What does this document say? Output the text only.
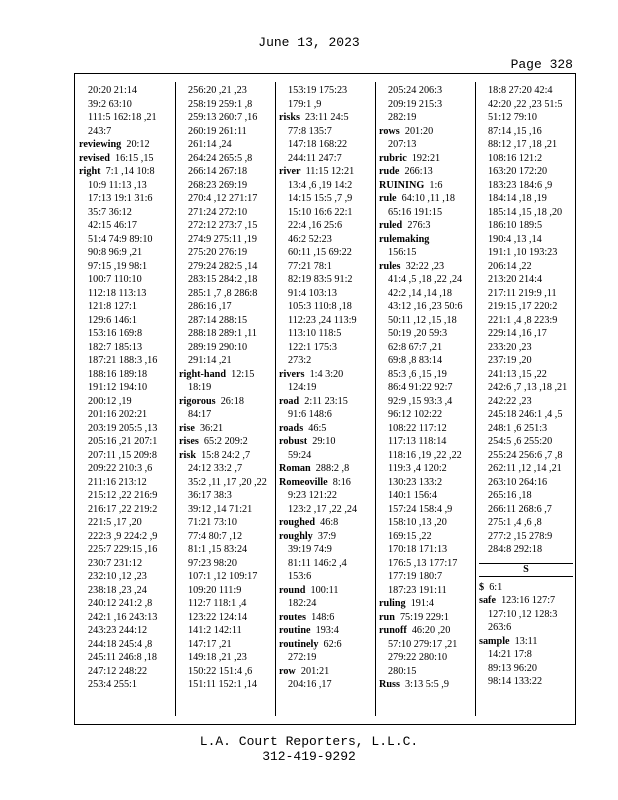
June 13, 2023
Page 328
20:20 21:14
39:2 63:10
111:5 162:18 ,21
243:7
reviewing  20:12
revised  16:15 ,15
right  7:1 ,14 10:8
10:9 11:13 ,13
17:13 19:1 31:6
35:7 36:12
42:15 46:17
51:4 74:9 89:10
90:8 96:9 ,21
97:15 ,19 98:1
100:7 110:10
112:18 113:13
121:8 127:1
129:6 146:1
153:16 169:8
182:7 185:13
187:21 188:3 ,16
188:16 189:18
191:12 194:10
200:12 ,19
201:16 202:21
203:19 205:5 ,13
205:16 ,21 207:1
207:11 ,15 209:8
209:22 210:3 ,6
211:16 213:12
215:12 ,22 216:9
216:17 ,22 219:2
221:5 ,17 ,20
222:3 ,9 224:2 ,9
225:7 229:15 ,16
230:7 231:12
232:10 ,12 ,23
238:18 ,23 ,24
240:12 241:2 ,8
242:1 ,16 243:13
243:23 244:12
244:18 245:4 ,8
245:11 246:8 ,18
247:12 248:22
253:4 255:1
256:20 ,21 ,23
258:19 259:1 ,8
259:13 260:7 ,16
260:19 261:11
261:14 ,24
264:24 265:5 ,8
266:14 267:18
268:23 269:19
270:4 ,12 271:17
271:24 272:10
272:12 273:7 ,15
274:9 275:11 ,19
275:20 276:19
279:24 282:5 ,14
283:15 284:2 ,18
285:1 ,7 ,8 286:8
286:16 ,17
287:14 288:15
288:18 289:1 ,11
289:19 290:10
291:14 ,21
right-hand  12:15
18:19
rigorous  26:18
84:17
rise  36:21
rises  65:2 209:2
risk  15:8 24:2 ,7
24:12 33:2 ,7
35:2 ,11 ,17 ,20 ,22
36:17 38:3
39:12 ,14 71:21
71:21 73:10
77:4 80:7 ,12
81:1 ,15 83:24
97:23 98:20
107:1 ,12 109:17
109:20 111:9
112:7 118:1 ,4
123:22 124:14
141:2 142:11
147:17 ,21
149:18 ,21 ,23
150:22 151:4 ,6
151:11 152:1 ,14
153:19 175:23
179:1 ,9
risks  23:11 24:5
77:8 135:7
147:18 168:22
244:11 247:7
river  11:15 12:21
13:4 ,6 ,19 14:2
14:15 15:5 ,7 ,9
15:10 16:6 22:1
22:4 ,16 25:6
46:2 52:23
60:11 ,15 69:22
77:21 78:1
82:19 83:5 91:2
91:4 103:13
105:3 110:8 ,18
112:23 ,24 113:9
113:10 118:5
122:1 175:3
273:2
rivers  1:4 3:20
124:19
road  2:11 23:15
91:6 148:6
roads  46:5
robust  29:10
59:24
Roman  288:2 ,8
Romeoville  8:16
9:23 121:22
123:2 ,17 ,22 ,24
roughed  46:8
roughly  37:9
39:19 74:9
81:11 146:2 ,4
153:6
round  100:11
182:24
routes  148:6
routine  193:4
routinely  62:6
272:19
row  201:21
204:16 ,17
205:24 206:3
209:19 215:3
282:19
rows  201:20
207:13
rubric  192:21
rude  266:13
RUINING  1:6
rule  64:10 ,11 ,18
65:16 191:15
ruled  276:3
rulemaking
156:15
rules  32:22 ,23
41:4 ,5 ,18 ,22 ,24
42:2 ,14 ,14 ,18
43:12 ,16 ,23 50:6
50:11 ,12 ,15 ,18
50:19 ,20 59:3
62:8 67:7 ,21
69:8 ,8 83:14
85:3 ,6 ,15 ,19
86:4 91:22 92:7
92:9 ,15 93:3 ,4
96:12 102:22
108:22 117:12
117:13 118:14
118:16 ,19 ,22 ,22
119:3 ,4 120:2
130:23 133:2
140:1 156:4
157:24 158:4 ,9
158:10 ,13 ,20
169:15 ,22
170:18 171:13
176:5 ,13 177:17
177:19 180:7
187:23 191:11
ruling  191:4
run  75:19 229:1
runoff  46:20 ,20
57:10 279:17 ,21
279:22 280:10
280:15
Russ  3:13 5:5 ,9
18:8 27:20 42:4
42:20 ,22 ,23 51:5
51:12 79:10
87:14 ,15 ,16
88:12 ,17 ,18 ,21
108:16 121:2
163:20 172:20
183:23 184:6 ,9
184:14 ,18 ,19
185:14 ,15 ,18 ,20
186:10 189:5
190:4 ,13 ,14
191:1 ,10 193:23
206:14 ,22
213:20 214:4
217:11 219:9 ,11
219:15 ,17 220:2
221:1 ,4 ,8 223:9
229:14 ,16 ,17
233:20 ,23
237:19 ,20
241:13 ,15 ,22
242:6 ,7 ,13 ,18 ,21
242:22 ,23
245:18 246:1 ,4 ,5
248:1 ,6 251:3
254:5 ,6 255:20
255:24 256:6 ,7 ,8
262:11 ,12 ,14 ,21
263:10 264:16
265:16 ,18
266:11 268:6 ,7
275:1 ,4 ,6 ,8
277:2 ,15 278:9
284:8 292:18
S
$  6:1
safe  123:16 127:7
127:10 ,12 128:3
263:6
sample  13:11
14:21 17:8
89:13 96:20
98:14 133:22
L.A. Court Reporters, L.L.C.
312-419-9292
